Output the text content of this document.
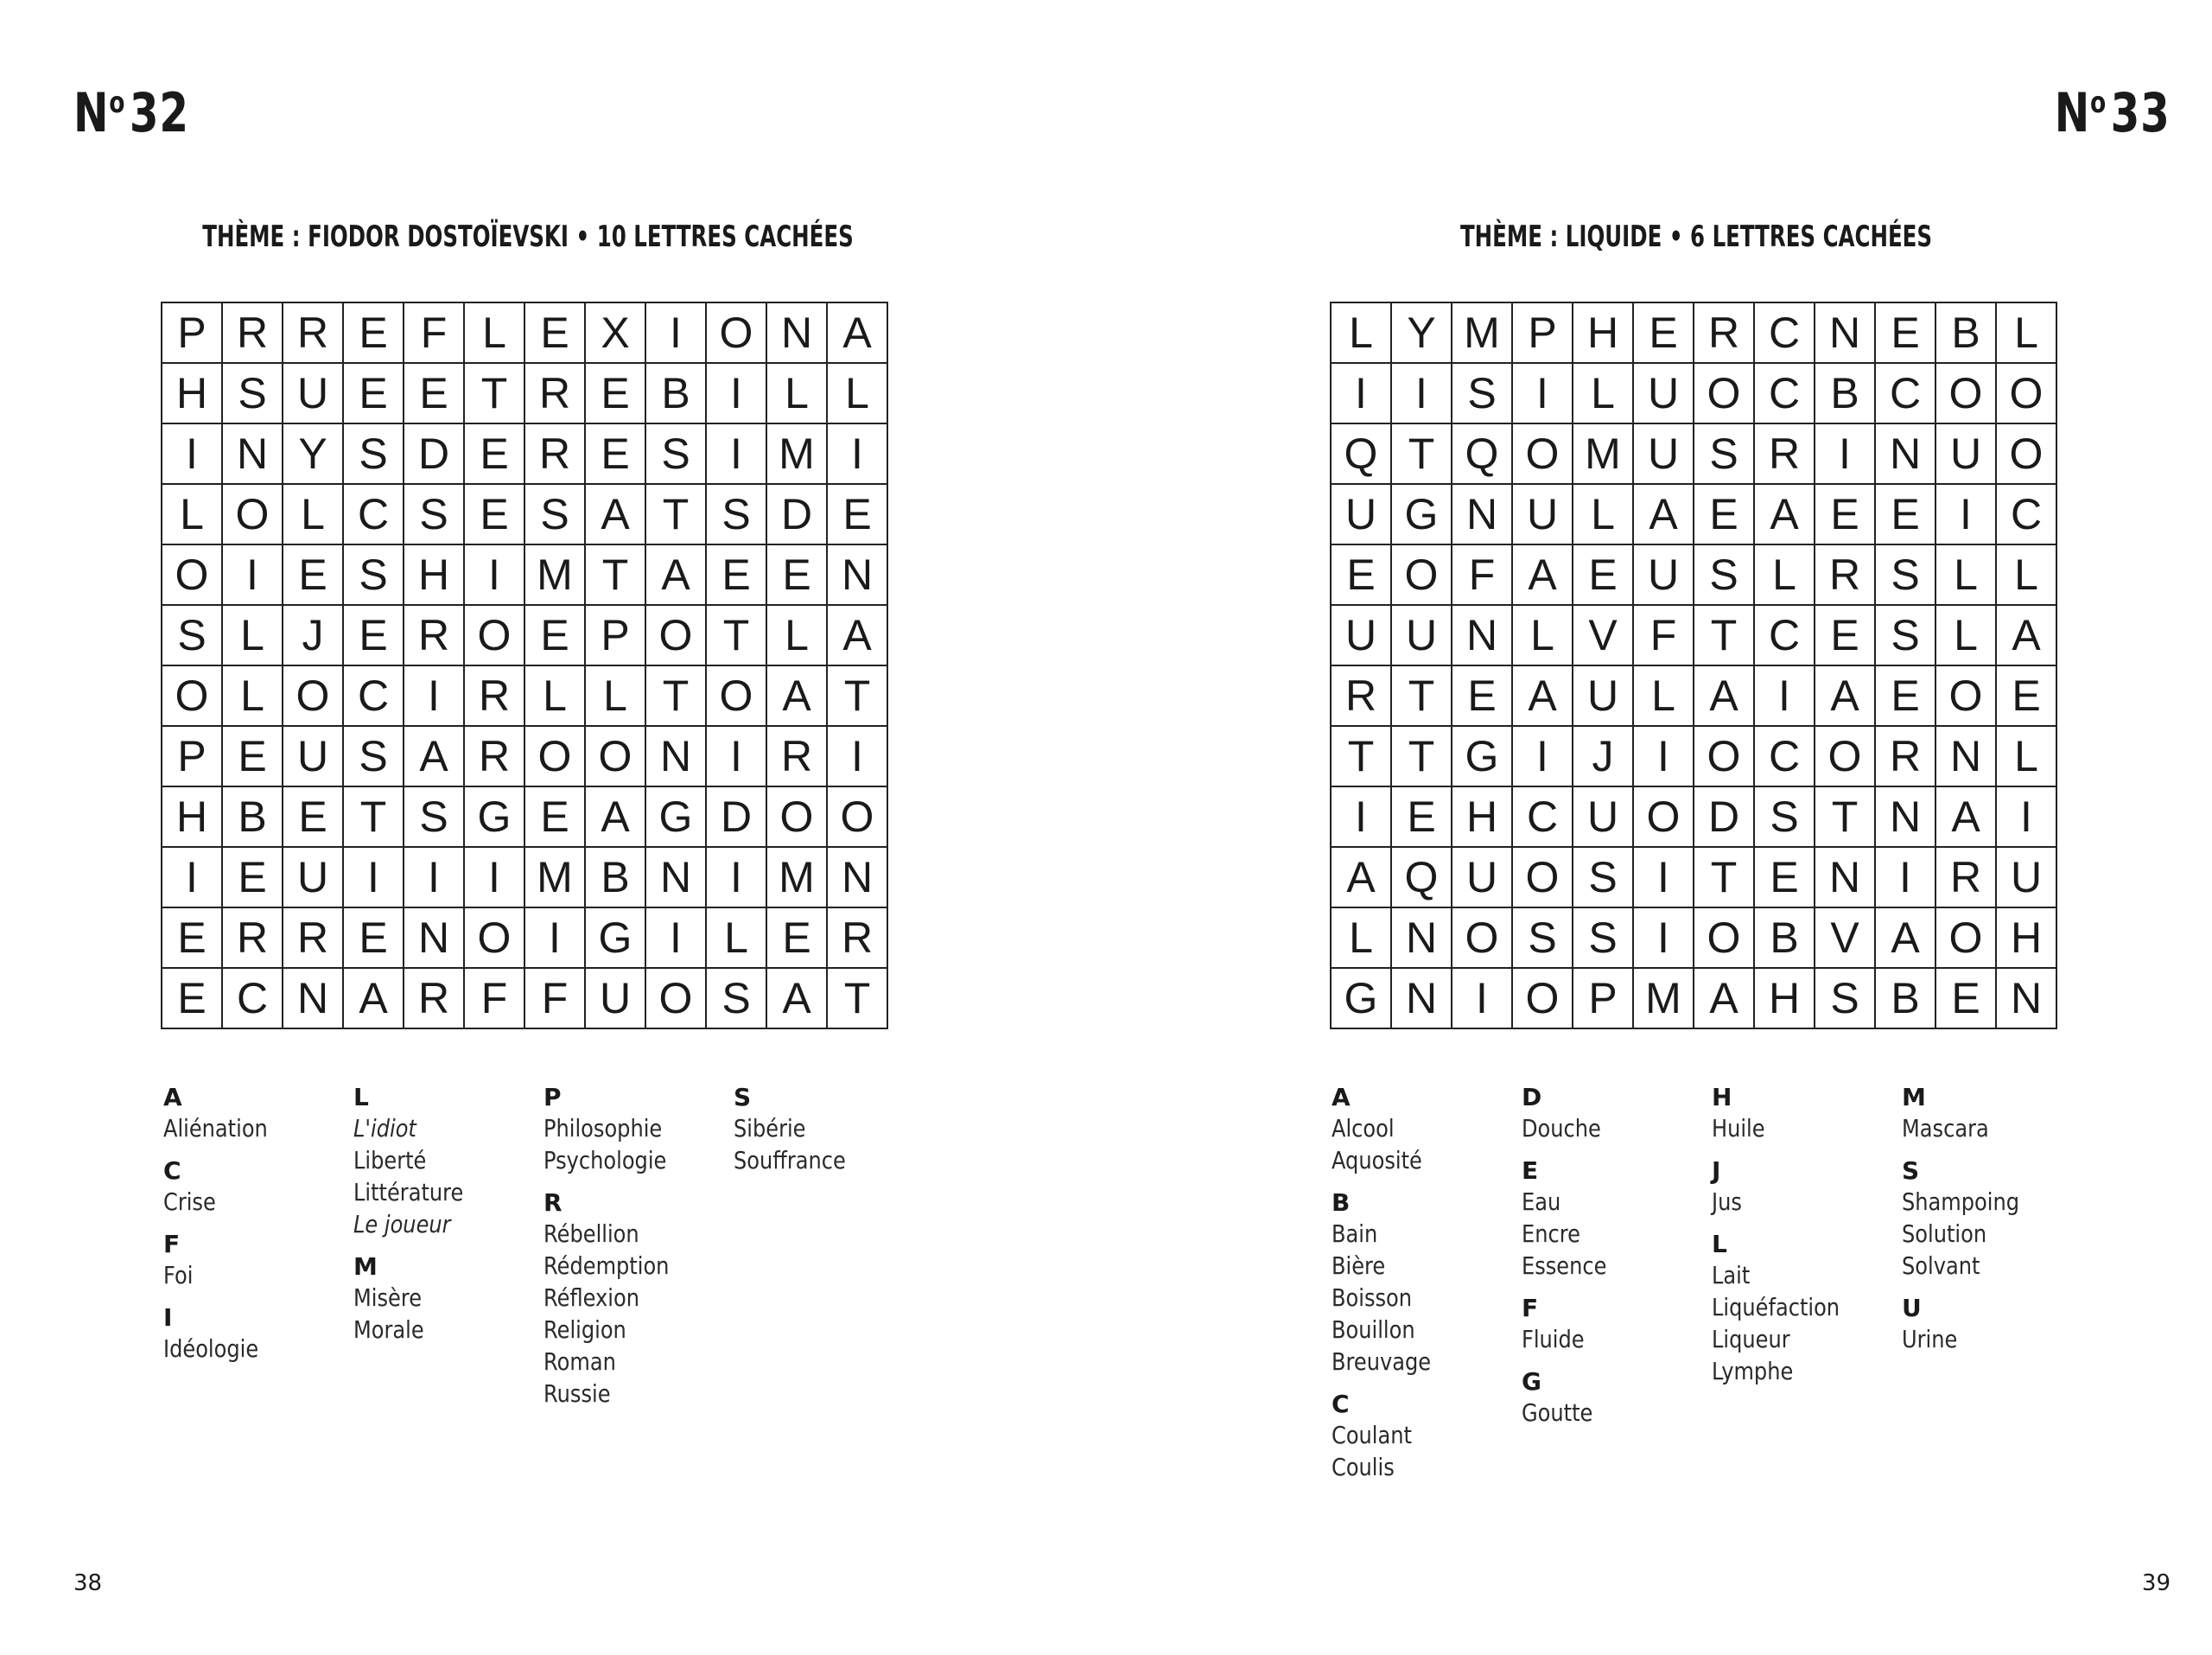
$N^o32$
THÈME : FIODOR DOSTOÏEVSKI • 10 LETTRES CACHÉES
P R R E F L E X I O N A
H S U E E T R E B I L L
I N Y S D E R E S I M I
L O L C S E S A T S D E
O I E S H I M T A E E N
S L J E R O E P O T L A
O L O C I R L L T O A T
P E U S A R O O N I R I
H B E T S G E A G D O O
I E U I	I	I M B N I M N
E R R E N O I G I L E R
E C N A R F F U O S A T
A
Aliénation
C
Crise
F
Foi
I
Idéologie
L
L'idiot
Liberté
Littérature
Le joueur
M
Misère
Morale
P
Philosophie
Psychologie
R
Rébellion
Rédemption
Réflexion
Religion
Roman
Russie
S
Sibérie
Souffrance
38
$N^o33$
THÈME : LIQUIDE • 6 LETTRES CACHÉES
L Y M P H E R C N E B L
I	I S I L U O C B C O O
Q T Q O M U S R I N U O
U G N U L A E A E E I C
E O F A E U S L R S L L
U U N L V F T C E S L A
R T E A U L A I A E O E
T T G I	J	I O C O R N L
I E H C U O D S T N A I
A Q U O S I T E N I R U
L N O S S I O B V A O H
G N I O P M A H S B E N
A
Alcool
Aquosité
B
Bain
Bière
Boisson
Bouillon
Breuvage
C
Coulant
Coulis
D
Douche
E
Eau
Encre
Essence
F
Fluide
G
Goutte
H
Huile
J
Jus
L
Lait
Liquéfaction
Liqueur
Lymphe
M
Mascara
S
Shampoing
Solution
Solvant
U
Urine
39
